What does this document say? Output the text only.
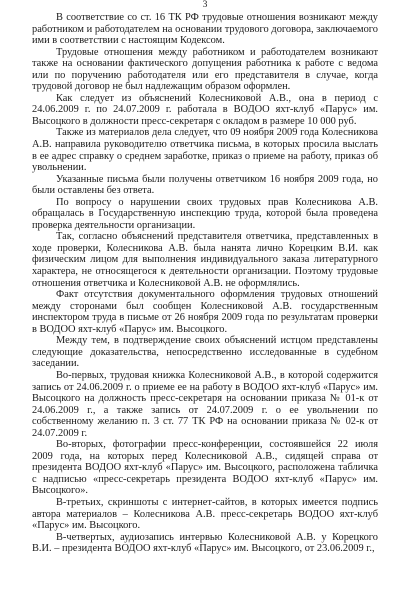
3

В соответствие со ст. 16 ТК РФ трудовые отношения возникают между работником и работодателем на основании трудового договора, заключаемого ими в соответствии с настоящим Кодексом.

Трудовые отношения между работником и работодателем возникают также на основании фактического допущения работника к работе с ведома или по поручению работодателя или его представителя в случае, когда трудовой договор не был надлежащим образом оформлен.

Как следует из объяснений Колесниковой А.В., она в период с 24.06.2009 г. по 24.07.2009 г. работала в ВОДОО яхт-клуб «Парус» им. Высоцкого в должности пресс-секретаря с окладом в размере 10 000 руб.

Также из материалов дела следует, что 09 ноября 2009 года Колесникова А.В. направила руководителю ответчика письма, в которых просила выслать в ее адрес справку о среднем заработке, приказ о приеме на работу, приказ об увольнении.

Указанные письма были получены ответчиком 16 ноября 2009 года, но были оставлены без ответа.

По вопросу о нарушении своих трудовых прав Колесникова А.В. обращалась в Государственную инспекцию труда, которой была проведена проверка деятельности организации.

Так, согласно объяснений представителя ответчика, представленных в ходе проверки, Колесникова А.В. была нанята лично Корецким В.И. как физическим лицом для выполнения индивидуального заказа литературного характера, не относящегося к деятельности организации. Поэтому трудовые отношения ответчика и Колесниковой А.В. не оформлялись.

Факт отсутствия документального оформления трудовых отношений между сторонами был сообщен Колесниковой А.В. государственным инспектором труда в письме от 26 ноября 2009 года по результатам проверки в ВОДОО яхт-клуб «Парус» им. Высоцкого.

Между тем, в подтверждение своих объяснений истцом представлены следующие доказательства, непосредственно исследованные в судебном заседании.

Во-первых, трудовая книжка Колесниковой А.В., в которой содержится запись от 24.06.2009 г. о приеме ее на работу в ВОДОО яхт-клуб «Парус» им. Высоцкого на должность пресс-секретаря на основании приказа № 01-к от 24.06.2009 г., а также запись от 24.07.2009 г. о ее увольнении по собственному желанию п. 3 ст. 77 ТК РФ на основании приказа № 02-к от 24.07.2009 г.

Во-вторых, фотографии пресс-конференции, состоявшейся 22 июля 2009 года, на которых перед Колесниковой А.В., сидящей справа от президента ВОДОО яхт-клуб «Парус» им. Высоцкого, расположена табличка с надписью «пресс-секретарь президента ВОДОО яхт-клуб «Парус» им. Высоцкого».

В-третьих, скриншоты с интернет-сайтов, в которых имеется подпись автора материалов – Колесникова А.В. пресс-секретарь ВОДОО яхт-клуб «Парус» им. Высоцкого.

В-четвертых, аудиозапись интервью Колесниковой А.В. у Корецкого В.И. – президента ВОДОО яхт-клуб «Парус» им. Высоцкого, от 23.06.2009 г.,
